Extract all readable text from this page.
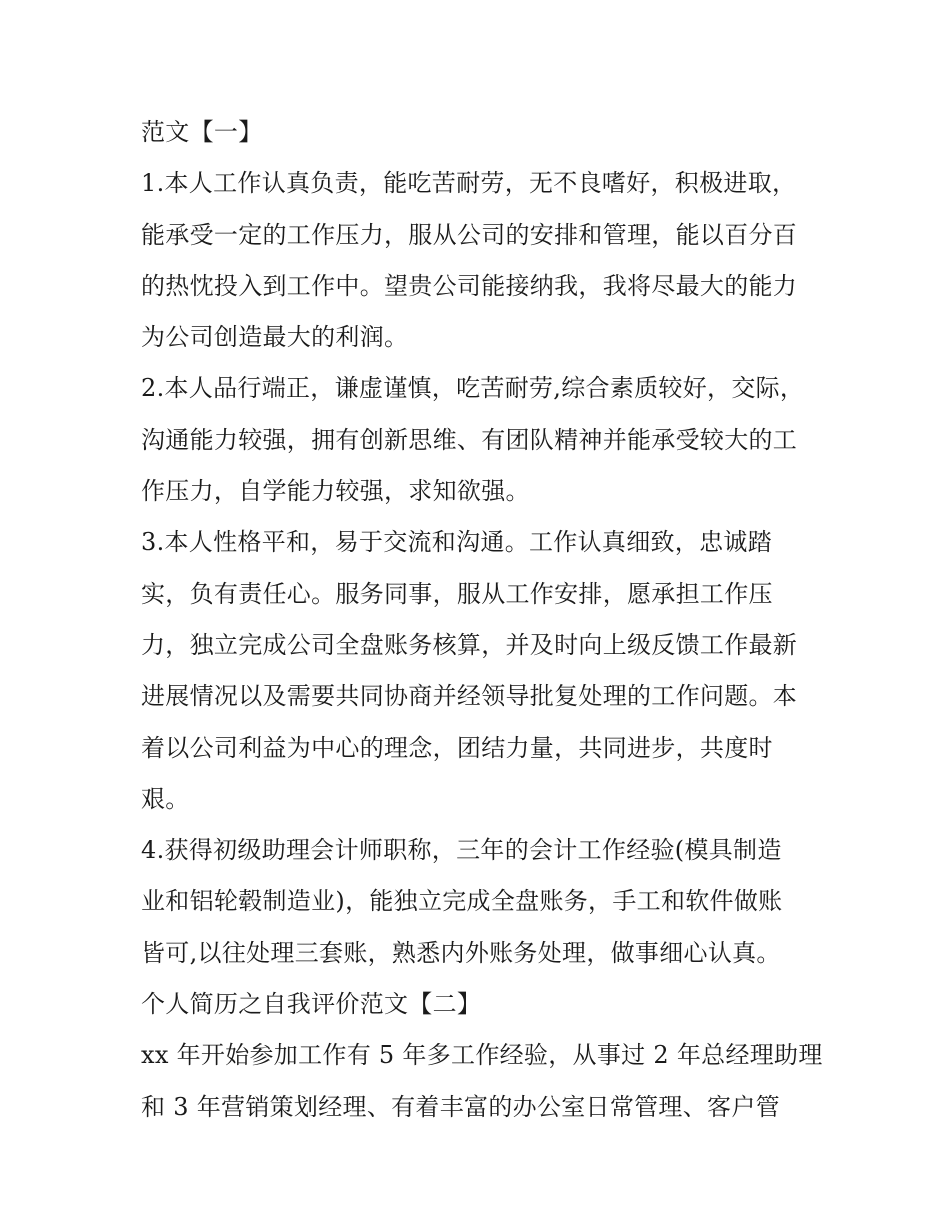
范文【一】
1.本人工作认真负责，能吃苦耐劳，无不良嗜好，积极进取，
能承受一定的工作压力，服从公司的安排和管理，能以百分百
的热忱投入到工作中。望贵公司能接纳我，我将尽最大的能力
为公司创造最大的利润。
2.本人品行端正，谦虚谨慎，吃苦耐劳,综合素质较好，交际，
沟通能力较强，拥有创新思维、有团队精神并能承受较大的工
作压力，自学能力较强，求知欲强。
3.本人性格平和，易于交流和沟通。工作认真细致，忠诚踏
实，负有责任心。服务同事，服从工作安排，愿承担工作压
力，独立完成公司全盘账务核算，并及时向上级反馈工作最新
进展情况以及需要共同协商并经领导批复处理的工作问题。本
着以公司利益为中心的理念，团结力量，共同进步，共度时
艰。
4.获得初级助理会计师职称，三年的会计工作经验(模具制造
业和铝轮毂制造业)，能独立完成全盘账务，手工和软件做账
皆可,以往处理三套账，熟悉内外账务处理，做事细心认真。
个人简历之自我评价范文【二】
xx 年开始参加工作有 5 年多工作经验，从事过 2 年总经理助理
和 3 年营销策划经理、有着丰富的办公室日常管理、客户管
